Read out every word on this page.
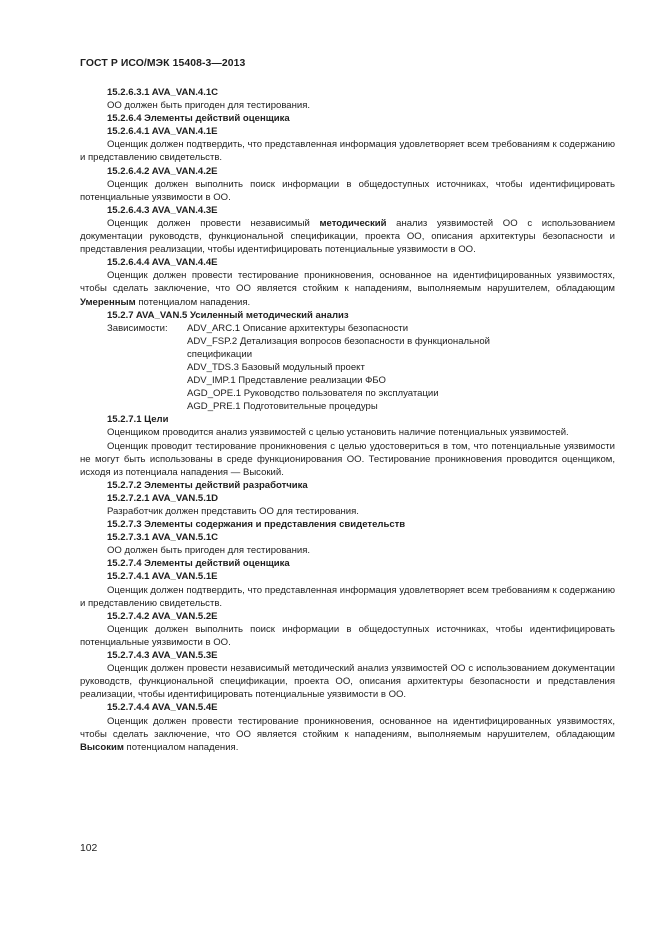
ГОСТ Р ИСО/МЭК 15408-3—2013
15.2.6.3.1 AVA_VAN.4.1C
ОО должен быть пригоден для тестирования.
15.2.6.4 Элементы действий оценщика
15.2.6.4.1 AVA_VAN.4.1E
Оценщик должен подтвердить, что представленная информация удовлетворяет всем требованиям к содержанию и представлению свидетельств.
15.2.6.4.2 AVA_VAN.4.2E
Оценщик должен выполнить поиск информации в общедоступных источниках, чтобы идентифицировать потенциальные уязвимости в ОО.
15.2.6.4.3 AVA_VAN.4.3E
Оценщик должен провести независимый методический анализ уязвимостей ОО с использованием документации руководств, функциональной спецификации, проекта ОО, описания архитектуры безопасности и представления реализации, чтобы идентифицировать потенциальные уязвимости в ОО.
15.2.6.4.4 AVA_VAN.4.4E
Оценщик должен провести тестирование проникновения, основанное на идентифицированных уязвимостях, чтобы сделать заключение, что ОО является стойким к нападениям, выполняемым нарушителем, обладающим Умеренным потенциалом нападения.
15.2.7 AVA_VAN.5 Усиленный методический анализ
Зависимости:	ADV_ARC.1 Описание архитектуры безопасности
ADV_FSP.2 Детализация вопросов безопасности в функциональной спецификации
ADV_TDS.3 Базовый модульный проект
ADV_IMP.1 Представление реализации ФБО
AGD_OPE.1 Руководство пользователя по эксплуатации
AGD_PRE.1 Подготовительные процедуры
15.2.7.1 Цели
Оценщиком проводится анализ уязвимостей с целью установить наличие потенциальных уязвимостей.
Оценщик проводит тестирование проникновения с целью удостовериться в том, что потенциальные уязвимости не могут быть использованы в среде функционирования ОО. Тестирование проникновения проводится оценщиком, исходя из потенциала нападения — Высокий.
15.2.7.2 Элементы действий разработчика
15.2.7.2.1 AVA_VAN.5.1D
Разработчик должен представить ОО для тестирования.
15.2.7.3 Элементы содержания и представления свидетельств
15.2.7.3.1 AVA_VAN.5.1C
ОО должен быть пригоден для тестирования.
15.2.7.4 Элементы действий оценщика
15.2.7.4.1 AVA_VAN.5.1E
Оценщик должен подтвердить, что представленная информация удовлетворяет всем требованиям к содержанию и представлению свидетельств.
15.2.7.4.2 AVA_VAN.5.2E
Оценщик должен выполнить поиск информации в общедоступных источниках, чтобы идентифицировать потенциальные уязвимости в ОО.
15.2.7.4.3 AVA_VAN.5.3E
Оценщик должен провести независимый методический анализ уязвимостей ОО с использованием документации руководств, функциональной спецификации, проекта ОО, описания архитектуры безопасности и представления реализации, чтобы идентифицировать потенциальные уязвимости в ОО.
15.2.7.4.4 AVA_VAN.5.4E
Оценщик должен провести тестирование проникновения, основанное на идентифицированных уязвимостях, чтобы сделать заключение, что ОО является стойким к нападениям, выполняемым нарушителем, обладающим Высоким потенциалом нападения.
102
